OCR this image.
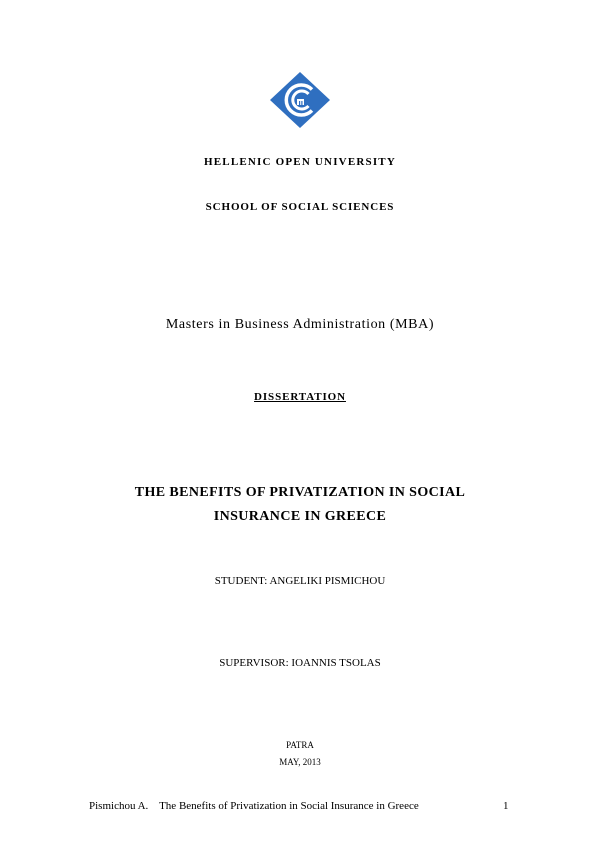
HELLENIC OPEN UNIVERSITY
SCHOOL OF SOCIAL SCIENCES
Masters in Business Administration (MBA)
DISSERTATION
THE BENEFITS OF PRIVATIZATION IN SOCIAL
INSURANCE IN GREECE
STUDENT: ANGELIKI PISMICHOU
SUPERVISOR: IOANNIS TSOLAS
PATRA
MAY, 2013
Pismichou A.    The Benefits of Privatization in Social Insurance in Greece	1
